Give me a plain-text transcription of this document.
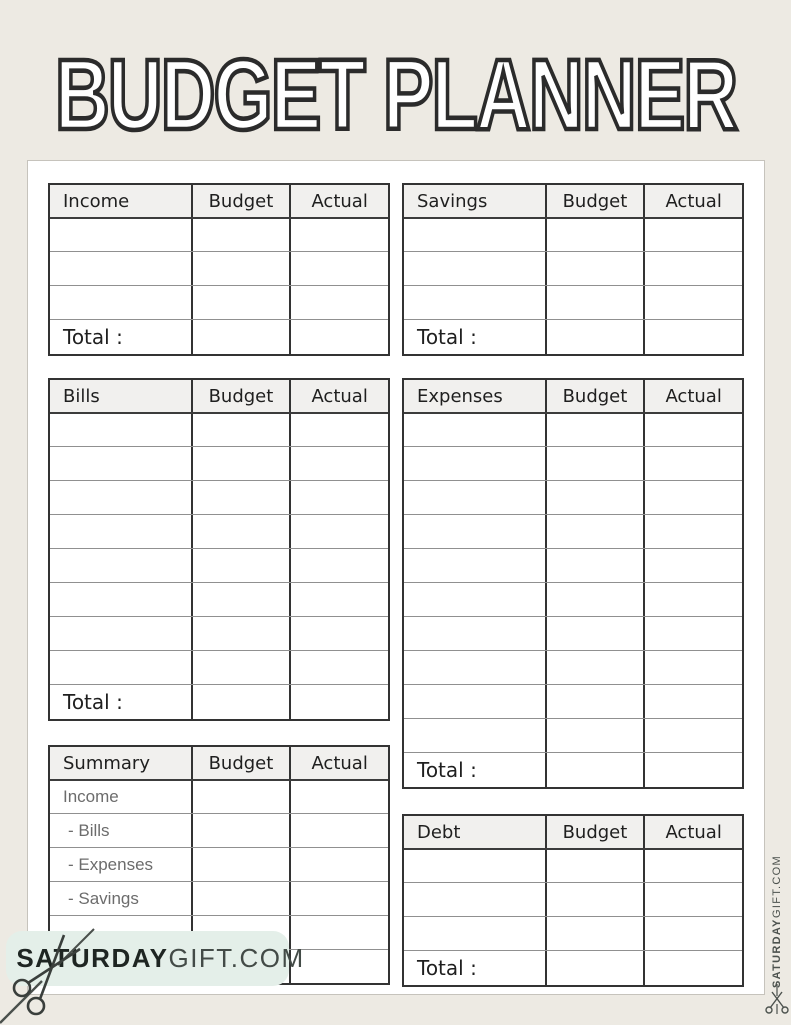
BUDGET PLANNER
Income	Budget	Actual
Total :
Savings	Budget	Actual
Total :
Bills	Budget	Actual
Total :
Expenses	Budget	Actual
Total :
Summary	Budget	Actual
Income
- Bills
- Expenses
- Savings
Debt	Budget	Actual
Total :
SATURDAYGIFT.COM	SATURDAY
GIFT.COM
